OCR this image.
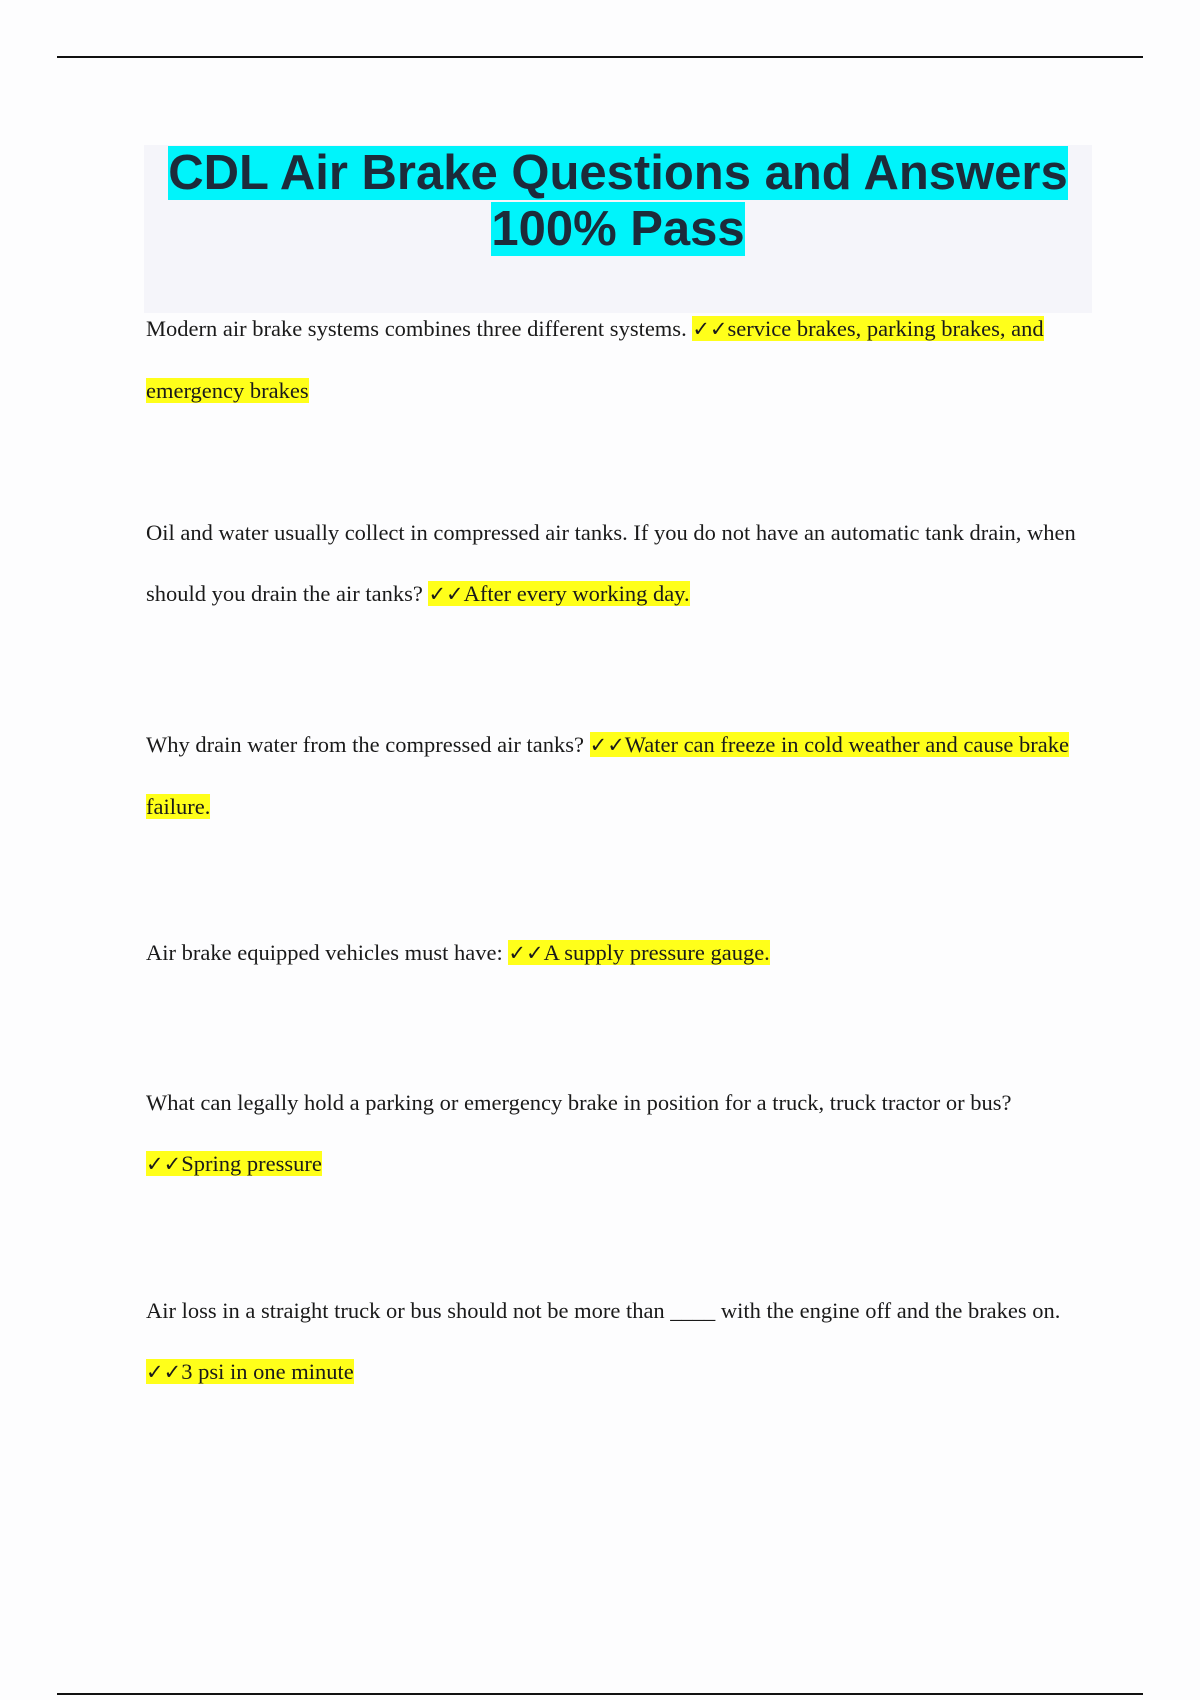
CDL Air Brake Questions and Answers 100% Pass
Modern air brake systems combines three different systems. ✓✓service brakes, parking brakes, and emergency brakes
Oil and water usually collect in compressed air tanks. If you do not have an automatic tank drain, when should you drain the air tanks? ✓✓After every working day.
Why drain water from the compressed air tanks? ✓✓Water can freeze in cold weather and cause brake failure.
Air brake equipped vehicles must have: ✓✓A supply pressure gauge.
What can legally hold a parking or emergency brake in position for a truck, truck tractor or bus? ✓✓Spring pressure
Air loss in a straight truck or bus should not be more than ____ with the engine off and the brakes on. ✓✓3 psi in one minute
